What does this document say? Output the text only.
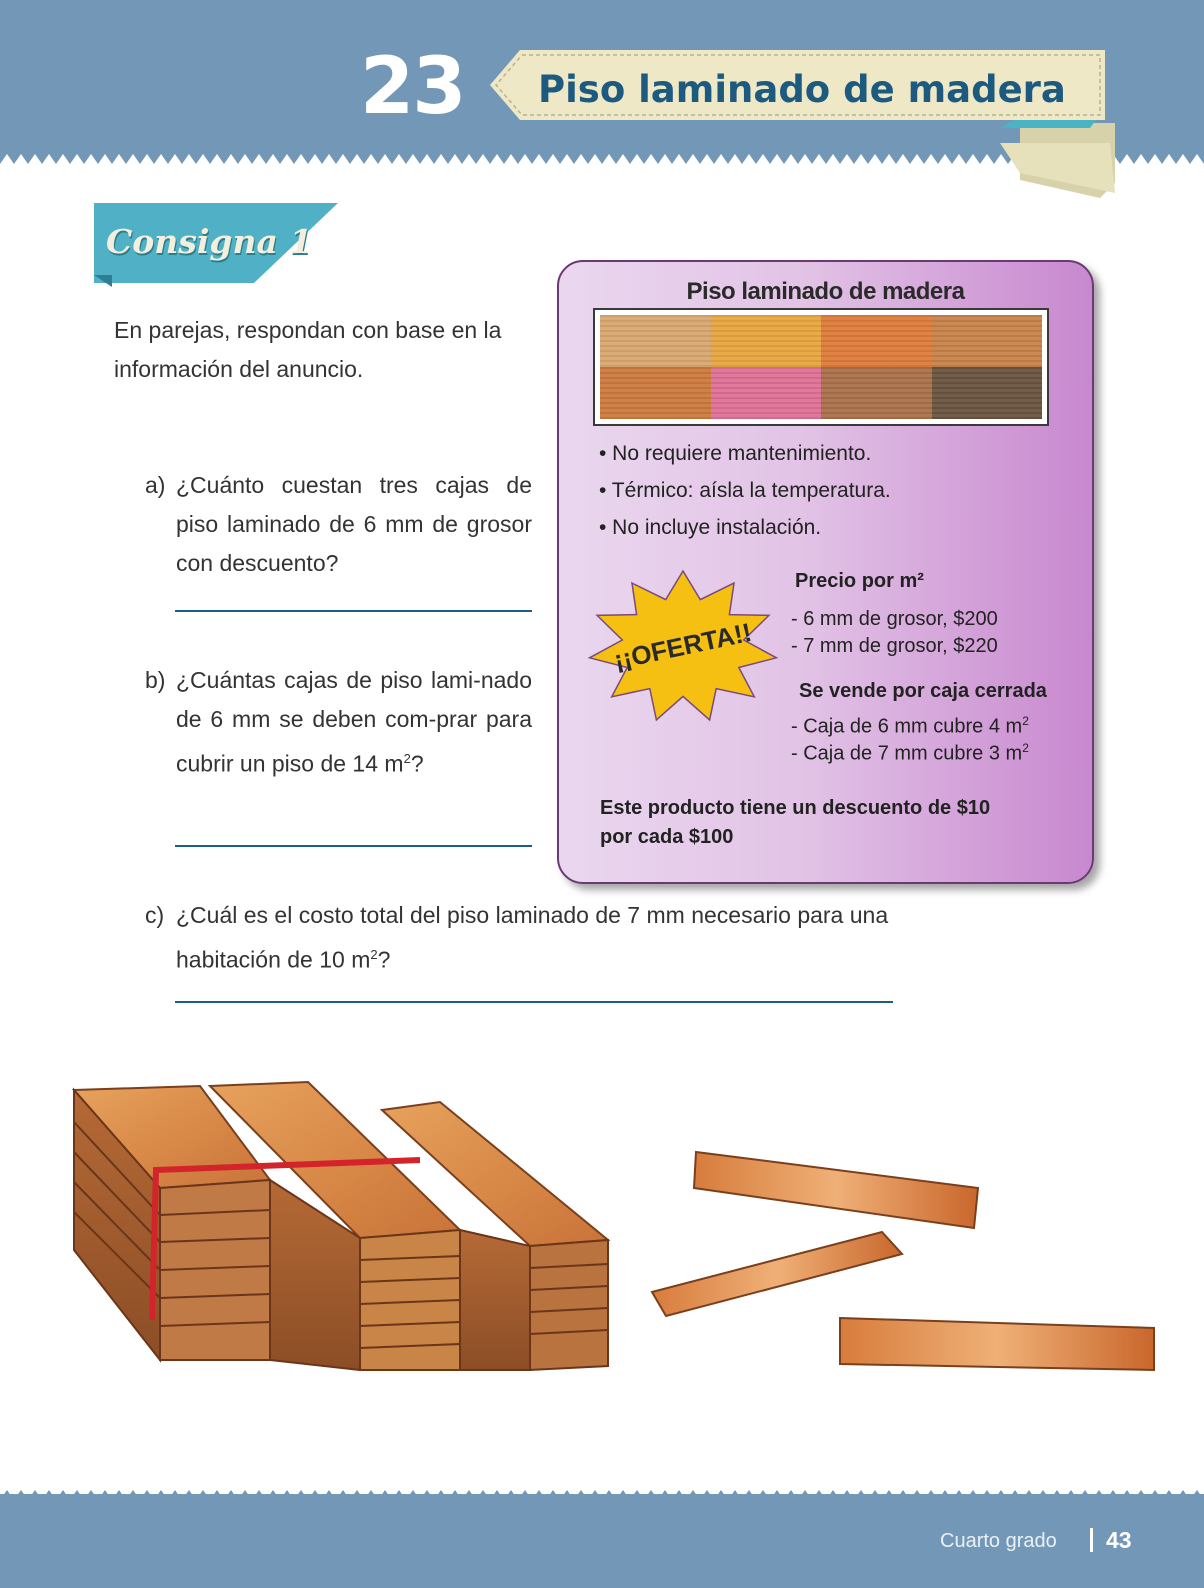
23 Piso laminado de madera
Consigna 1

En parejas, respondan con base en la información del anuncio.

a) ¿Cuánto cuestan tres cajas de piso laminado de 6 mm de grosor con descuento?
b) ¿Cuántas cajas de piso lami-nado de 6 mm se deben com-prar para cubrir un piso de 14 $m^2$?
c) ¿Cuál es el costo total del piso laminado de 7 mm necesario para una habitación de 10 $m^2$?
Piso laminado de madera
• No requiere mantenimiento.
• Térmico: aísla la temperatura.
• No incluye instalación.
¡¡OFERTA!!
Precio por m²
- 6 mm de grosor, $200
- 7 mm de grosor, $220
Se vende por caja cerrada
- Caja de 6 mm cubre 4 $m^2$
- Caja de 7 mm cubre 3 $m^2$
Este producto tiene un descuento de $10
por cada $100
Cuarto grado 43
